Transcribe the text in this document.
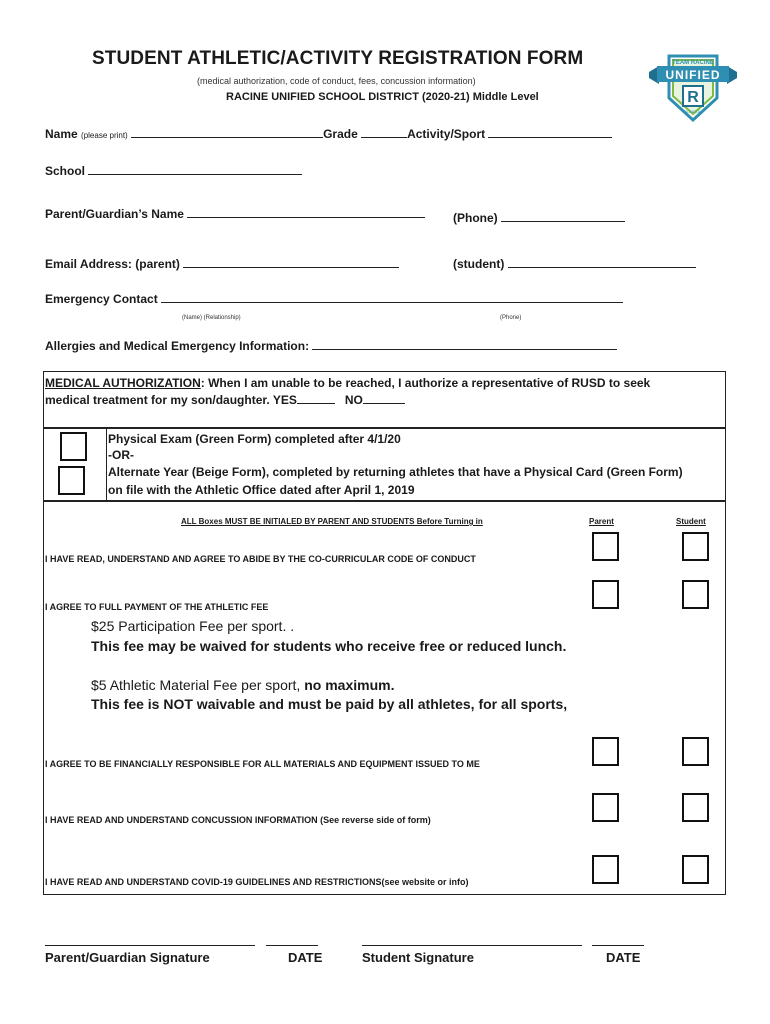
STUDENT ATHLETIC/ACTIVITY REGISTRATION FORM
(medical authorization, code of conduct, fees, concussion information)
RACINE UNIFIED SCHOOL DISTRICT (2020-21) Middle Level
TEAM RACINE
UNIFIED
R
SCHOOL
Name (please print)	Grade	Activity/Sport
School
Parent/Guardian’s Name	(Phone)
Email Address: (parent)	(student)
Emergency Contact
(Name) (Relationship)	(Phone)
Allergies and Medical Emergency Information:
MEDICAL AUTHORIZATION: When I am unable to be reached, I authorize a representative of RUSD to seek
medical treatment for my son/daughter. YES	NO
Physical Exam (Green Form) completed after 4/1/20
-OR-
Alternate Year (Beige Form), completed by returning athletes that have a Physical Card (Green Form)
on file with the Athletic Office dated after April 1, 2019
ALL Boxes MUST BE INITIALED BY PARENT AND STUDENTS Before Turning in	Parent	Student
I HAVE READ, UNDERSTAND AND AGREE TO ABIDE BY THE CO-CURRICULAR CODE OF CONDUCT
I AGREE TO FULL PAYMENT OF THE ATHLETIC FEE
$25 Participation Fee per sport. .
This fee may be waived for students who receive free or reduced lunch.
$5 Athletic Material Fee per sport, no maximum.
This fee is NOT waivable and must be paid by all athletes, for all sports,
I AGREE TO BE FINANCIALLY RESPONSIBLE FOR ALL MATERIALS AND EQUIPMENT ISSUED TO ME
I HAVE READ AND UNDERSTAND CONCUSSION INFORMATION (See reverse side of form)
I HAVE READ AND UNDERSTAND COVID-19 GUIDELINES AND RESTRICTIONS(see website or info)
Parent/Guardian Signature	DATE	Student Signature	DATE
